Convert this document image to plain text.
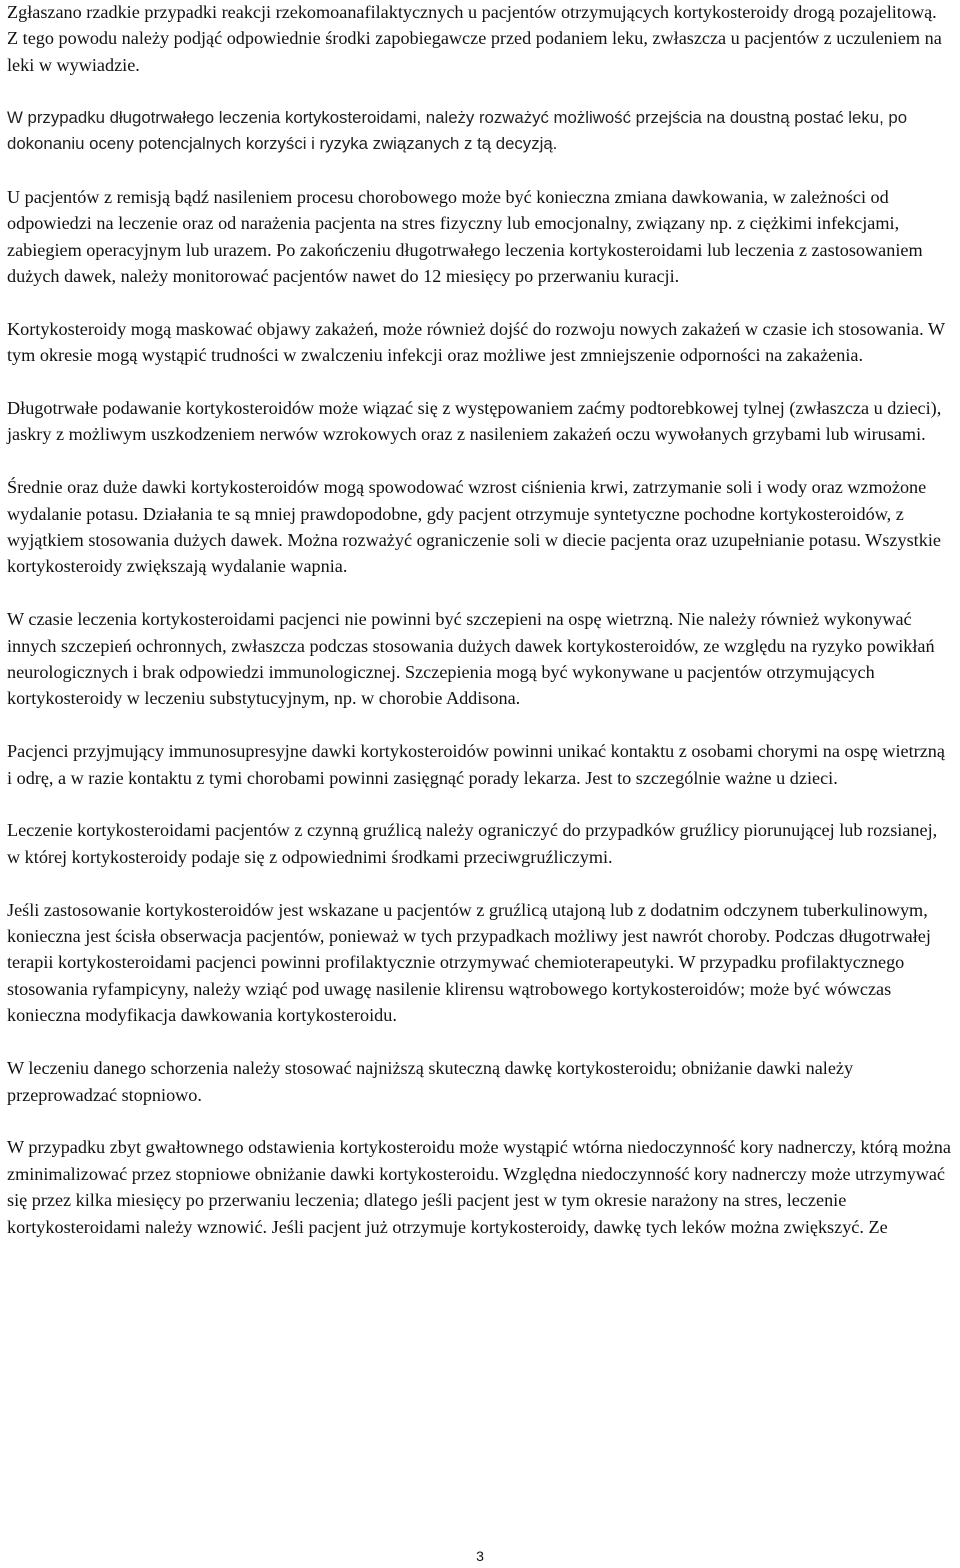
Zgłaszano rzadkie przypadki reakcji rzekomoanafilaktycznych u pacjentów otrzymujących kortykosteroidy drogą pozajelitową. Z tego powodu należy podjąć odpowiednie środki zapobiegawcze przed podaniem leku, zwłaszcza u pacjentów z uczuleniem na leki w wywiadzie.

W przypadku długotrwałego leczenia kortykosteroidami, należy rozważyć możliwość przejścia na doustną postać leku, po dokonaniu oceny potencjalnych korzyści i ryzyka związanych z tą decyzją.

U pacjentów z remisją bądź nasileniem procesu chorobowego może być konieczna zmiana dawkowania, w zależności od odpowiedzi na leczenie oraz od narażenia pacjenta na stres fizyczny lub emocjonalny, związany np. z ciężkimi infekcjami, zabiegiem operacyjnym lub urazem. Po zakończeniu długotrwałego leczenia kortykosteroidami lub leczenia z zastosowaniem dużych dawek, należy monitorować pacjentów nawet do 12 miesięcy po przerwaniu kuracji.

Kortykosteroidy mogą maskować objawy zakażeń, może również dojść do rozwoju nowych zakażeń w czasie ich stosowania. W tym okresie mogą wystąpić trudności w zwalczeniu infekcji oraz możliwe jest zmniejszenie odporności na zakażenia.

Długotrwałe podawanie kortykosteroidów może wiązać się z występowaniem zaćmy podtorebkowej tylnej (zwłaszcza u dzieci), jaskry z możliwym uszkodzeniem nerwów wzrokowych oraz z nasileniem zakażeń oczu wywołanych grzybami lub wirusami.

Średnie oraz duże dawki kortykosteroidów mogą spowodować wzrost ciśnienia krwi, zatrzymanie soli i wody oraz wzmożone wydalanie potasu. Działania te są mniej prawdopodobne, gdy pacjent otrzymuje syntetyczne pochodne kortykosteroidów, z wyjątkiem stosowania dużych dawek. Można rozważyć ograniczenie soli w diecie pacjenta oraz uzupełnianie potasu. Wszystkie kortykosteroidy zwiększają wydalanie wapnia.

W czasie leczenia kortykosteroidami pacjenci nie powinni być szczepieni na ospę wietrzną. Nie należy również wykonywać innych szczepień ochronnych, zwłaszcza podczas stosowania dużych dawek kortykosteroidów, ze względu na ryzyko powikłań neurologicznych i brak odpowiedzi immunologicznej. Szczepienia mogą być wykonywane u pacjentów otrzymujących kortykosteroidy w leczeniu substytucyjnym, np. w chorobie Addisona.

Pacjenci przyjmujący immunosupresyjne dawki kortykosteroidów powinni unikać kontaktu z osobami chorymi na ospę wietrzną i odrę, a w razie kontaktu z tymi chorobami powinni zasięgnąć porady lekarza. Jest to szczególnie ważne u dzieci.

Leczenie kortykosteroidami pacjentów z czynną gruźlicą należy ograniczyć do przypadków gruźlicy piorunującej lub rozsianej, w której kortykosteroidy podaje się z odpowiednimi środkami przeciwgruźliczymi.

Jeśli zastosowanie kortykosteroidów jest wskazane u pacjentów z gruźlicą utajoną lub z dodatnim odczynem tuberkulinowym, konieczna jest ścisła obserwacja pacjentów, ponieważ w tych przypadkach możliwy jest nawrót choroby. Podczas długotrwałej terapii kortykosteroidami pacjenci powinni profilaktycznie otrzymywać chemioterapeutyki. W przypadku profilaktycznego stosowania ryfampicyny, należy wziąć pod uwagę nasilenie klirensu wątrobowego kortykosteroidów; może być wówczas konieczna modyfikacja dawkowania kortykosteroidu.

W leczeniu danego schorzenia należy stosować najniższą skuteczną dawkę kortykosteroidu; obniżanie dawki należy przeprowadzać stopniowo.

W przypadku zbyt gwałtownego odstawienia kortykosteroidu może wystąpić wtórna niedoczynność kory nadnerczy, którą można zminimalizować przez stopniowe obniżanie dawki kortykosteroidu. Względna niedoczynność kory nadnerczy może utrzymywać się przez kilka miesięcy po przerwaniu leczenia; dlatego jeśli pacjent jest w tym okresie narażony na stres, leczenie kortykosteroidami należy wznowić. Jeśli pacjent już otrzymuje kortykosteroidy, dawkę tych leków można zwiększyć. Ze

3
